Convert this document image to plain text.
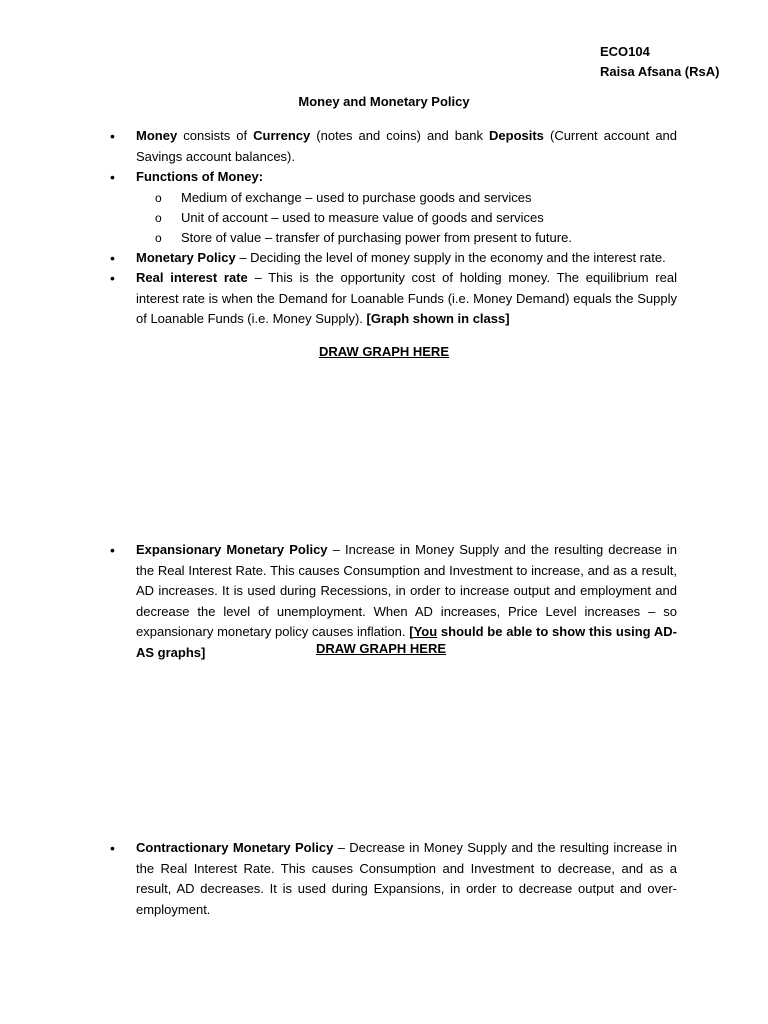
ECO104
Raisa Afsana (RsA)
Money and Monetary Policy
• Money consists of Currency (notes and coins) and bank Deposits (Current account and Savings account balances).
• Functions of Money:
o Medium of exchange – used to purchase goods and services
o Unit of account – used to measure value of goods and services
o Store of value – transfer of purchasing power from present to future.
• Monetary Policy – Deciding the level of money supply in the economy and the interest rate.
• Real interest rate – This is the opportunity cost of holding money. The equilibrium real interest rate is when the Demand for Loanable Funds (i.e. Money Demand) equals the Supply of Loanable Funds (i.e. Money Supply). [Graph shown in class]
DRAW GRAPH HERE
• Expansionary Monetary Policy – Increase in Money Supply and the resulting decrease in the Real Interest Rate. This causes Consumption and Investment to increase, and as a result, AD increases. It is used during Recessions, in order to increase output and employment and decrease the level of unemployment. When AD increases, Price Level increases – so expansionary monetary policy causes inflation. [You should be able to show this using AD-AS graphs]	DRAW GRAPH HERE
• Contractionary Monetary Policy – Decrease in Money Supply and the resulting increase in the Real Interest Rate. This causes Consumption and Investment to decrease, and as a result, AD decreases. It is used during Expansions, in order to decrease output and over-employment.
